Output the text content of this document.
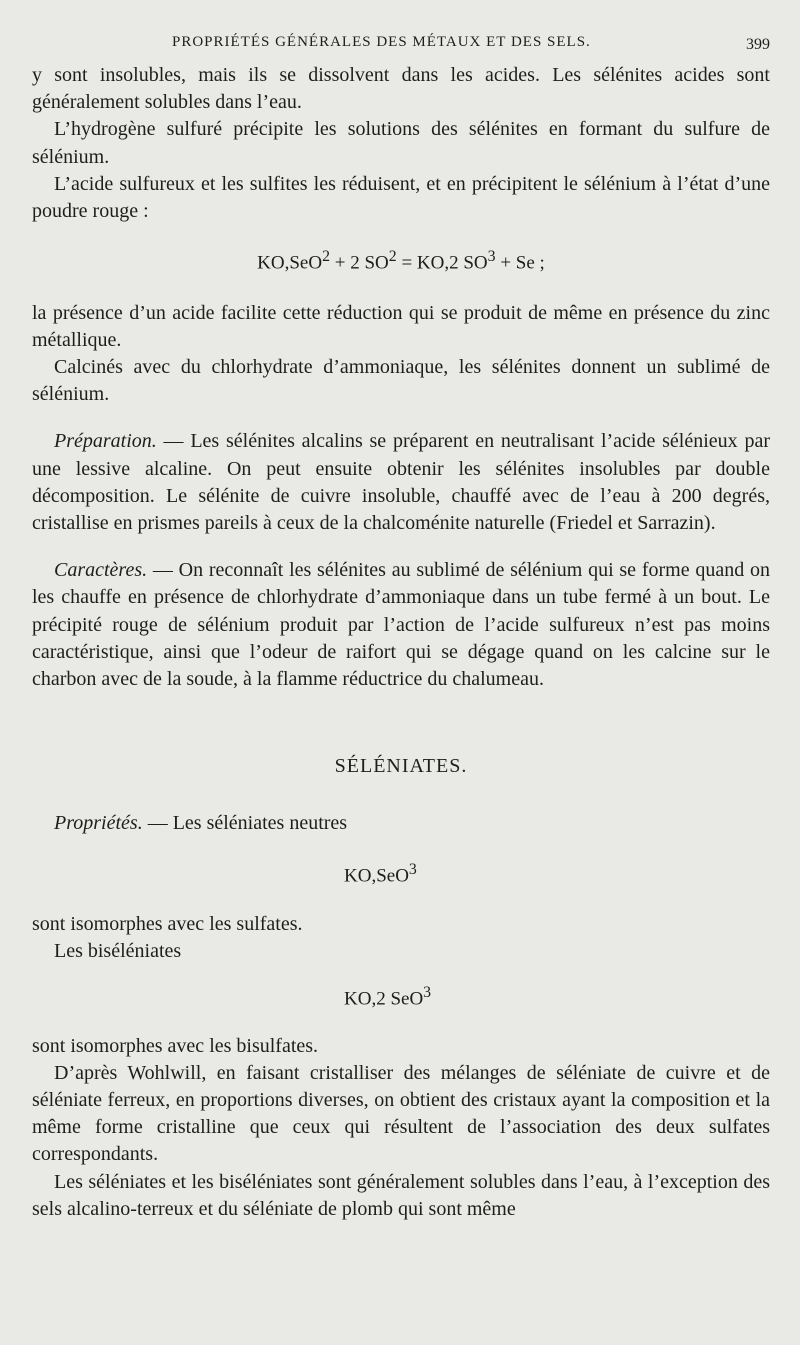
PROPRIÉTÉS GÉNÉRALES DES MÉTAUX ET DES SELS.	399

y sont insolubles, mais ils se dissolvent dans les acides. Les sélénites acides sont généralement solubles dans l’eau.

L’hydrogène sulfuré précipite les solutions des sélénites en formant du sulfure de sélénium.

L’acide sulfureux et les sulfites les réduisent, et en précipitent le sélénium à l’état d’une poudre rouge :

KO,SeO$^2$ + 2 $SO^2 = KO,2$ $SO^3 + Se$ ;

la présence d’un acide facilite cette réduction qui se produit de même en présence du zinc métallique.

Calcinés avec du chlorhydrate d’ammoniaque, les sélénites donnent un sublimé de sélénium.

Préparation. — Les sélénites alcalins se préparent en neutralisant l’acide sélénieux par une lessive alcaline. On peut ensuite obtenir les sélénites insolubles par double décomposition. Le sélénite de cuivre insoluble, chauffé avec de l’eau à 200 degrés, cristallise en prismes pareils à ceux de la chalcoménite naturelle (Friedel et Sarrazin).

Caractères. — On reconnaît les sélénites au sublimé de sélénium qui se forme quand on les chauffe en présence de chlorhydrate d’ammoniaque dans un tube fermé à un bout. Le précipité rouge de sélénium produit par l’action de l’acide sulfureux n’est pas moins caractéristique, ainsi que l’odeur de raifort qui se dégage quand on les calcine sur le charbon avec de la soude, à la flamme réductrice du chalumeau.

SÉLÉNIATES.

Propriétés. — Les séléniates neutres

KO,SeO$^3$

sont isomorphes avec les sulfates.

Les biséléniates

KO,2 SeO$^3$

sont isomorphes avec les bisulfates.

D’après Wohlwill, en faisant cristalliser des mélanges de séléniate de cuivre et de séléniate ferreux, en proportions diverses, on obtient des cristaux ayant la composition et la même forme cristalline que ceux qui résultent de l’association des deux sulfates correspondants.

Les séléniates et les biséléniates sont généralement solubles dans l’eau, à l’exception des sels alcalino-terreux et du séléniate de plomb qui sont même
